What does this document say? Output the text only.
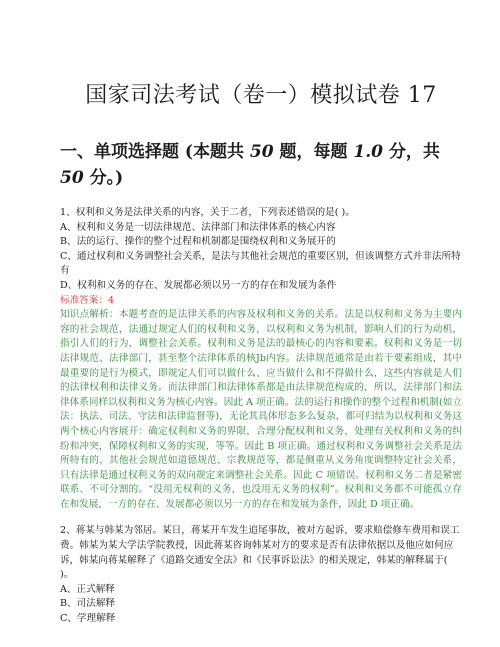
国家司法考试（卷一）模拟试卷 17
一、单项选择题 (本题共 50 题，每题 1.0 分，共 50 分。)

1、权利和义务是法律关系的内容，关于二者，下列表述错误的是( )。

A、权利和义务是一切法律规范、法律部门和法律体系的核心内容

B、法的运行、操作的整个过程和机制都是围绕权利和义务展开的

C、通过权利和义务调整社会关系，是法与其他社会规范的重要区别，但该调整方式并非法所特有

D、权利和义务的存在、发展都必须以另一方的存在和发展为条件

标准答案：4

知识点解析：本题考查的是法律关系的内容及权利和义务的关系。法是以权利和义务为主要内容的社会规范，法通过规定人们的权利和义务，以权利和义务为机制，影响人们的行为动机，指引人们的行为，调整社会关系。权利和义务是法的最核心的内容和要素。权利和义务是一切法律规范、法律部门，甚至整个法律体系的核Jb内容。法律规范通常是由若干要素组成，其中最重要的是行为模式，即规定人们可以做什么、应当做什么和不得做什么，这些内容就是人们的法律权利和法律义务。而法律部门和法律体系都是由法律规范构成的，所以，法律部门和法律体系同样以权利和义务为核心内容。因此 A 项正确。法的运行和操作的整个过程和机制(如立法：执法、司法、守法和法律监督等)，无论其具体形态多么复杂，都可归结为以权利和义务这两个核心内容展开：确定权利和义务的界限，合理分配权利和义务，处理有关权利和义务的纠纷和冲突，保障权利和义务的实现，等等。因此 B 项正确。通过权利和义务调整社会关系是法所特有的，其他社会规范如道德规范、宗教规范等，都是侧重从义务角度调整特定社会关系，只有法律是通过权利义务的双向规定来调整社会关系。因此 C 项错误。权利和义务二者是紧密联系、不可分割的。“没用无权利的义务，也没用无义务的权利”。权利和义务都不可能孤立存在和发展，一方的存在、发展都必须以另一方的存在和发展为条件，因此 D 项正确。

2、蒋某与韩某为邻居。某日，蒋某开车发生追尾事故，被对方起诉，要求赔偿修车费用和误工费。韩某为某大学法学院教授，因此蒋某咨询韩某对方的要求是否有法律依据以及他应如何应诉，韩某向蒋某解释了《道路交通安全法》和《民事诉讼法》的相关规定，韩某的解释属于( )。

A、正式解释

B、司法解释

C、学理解释
